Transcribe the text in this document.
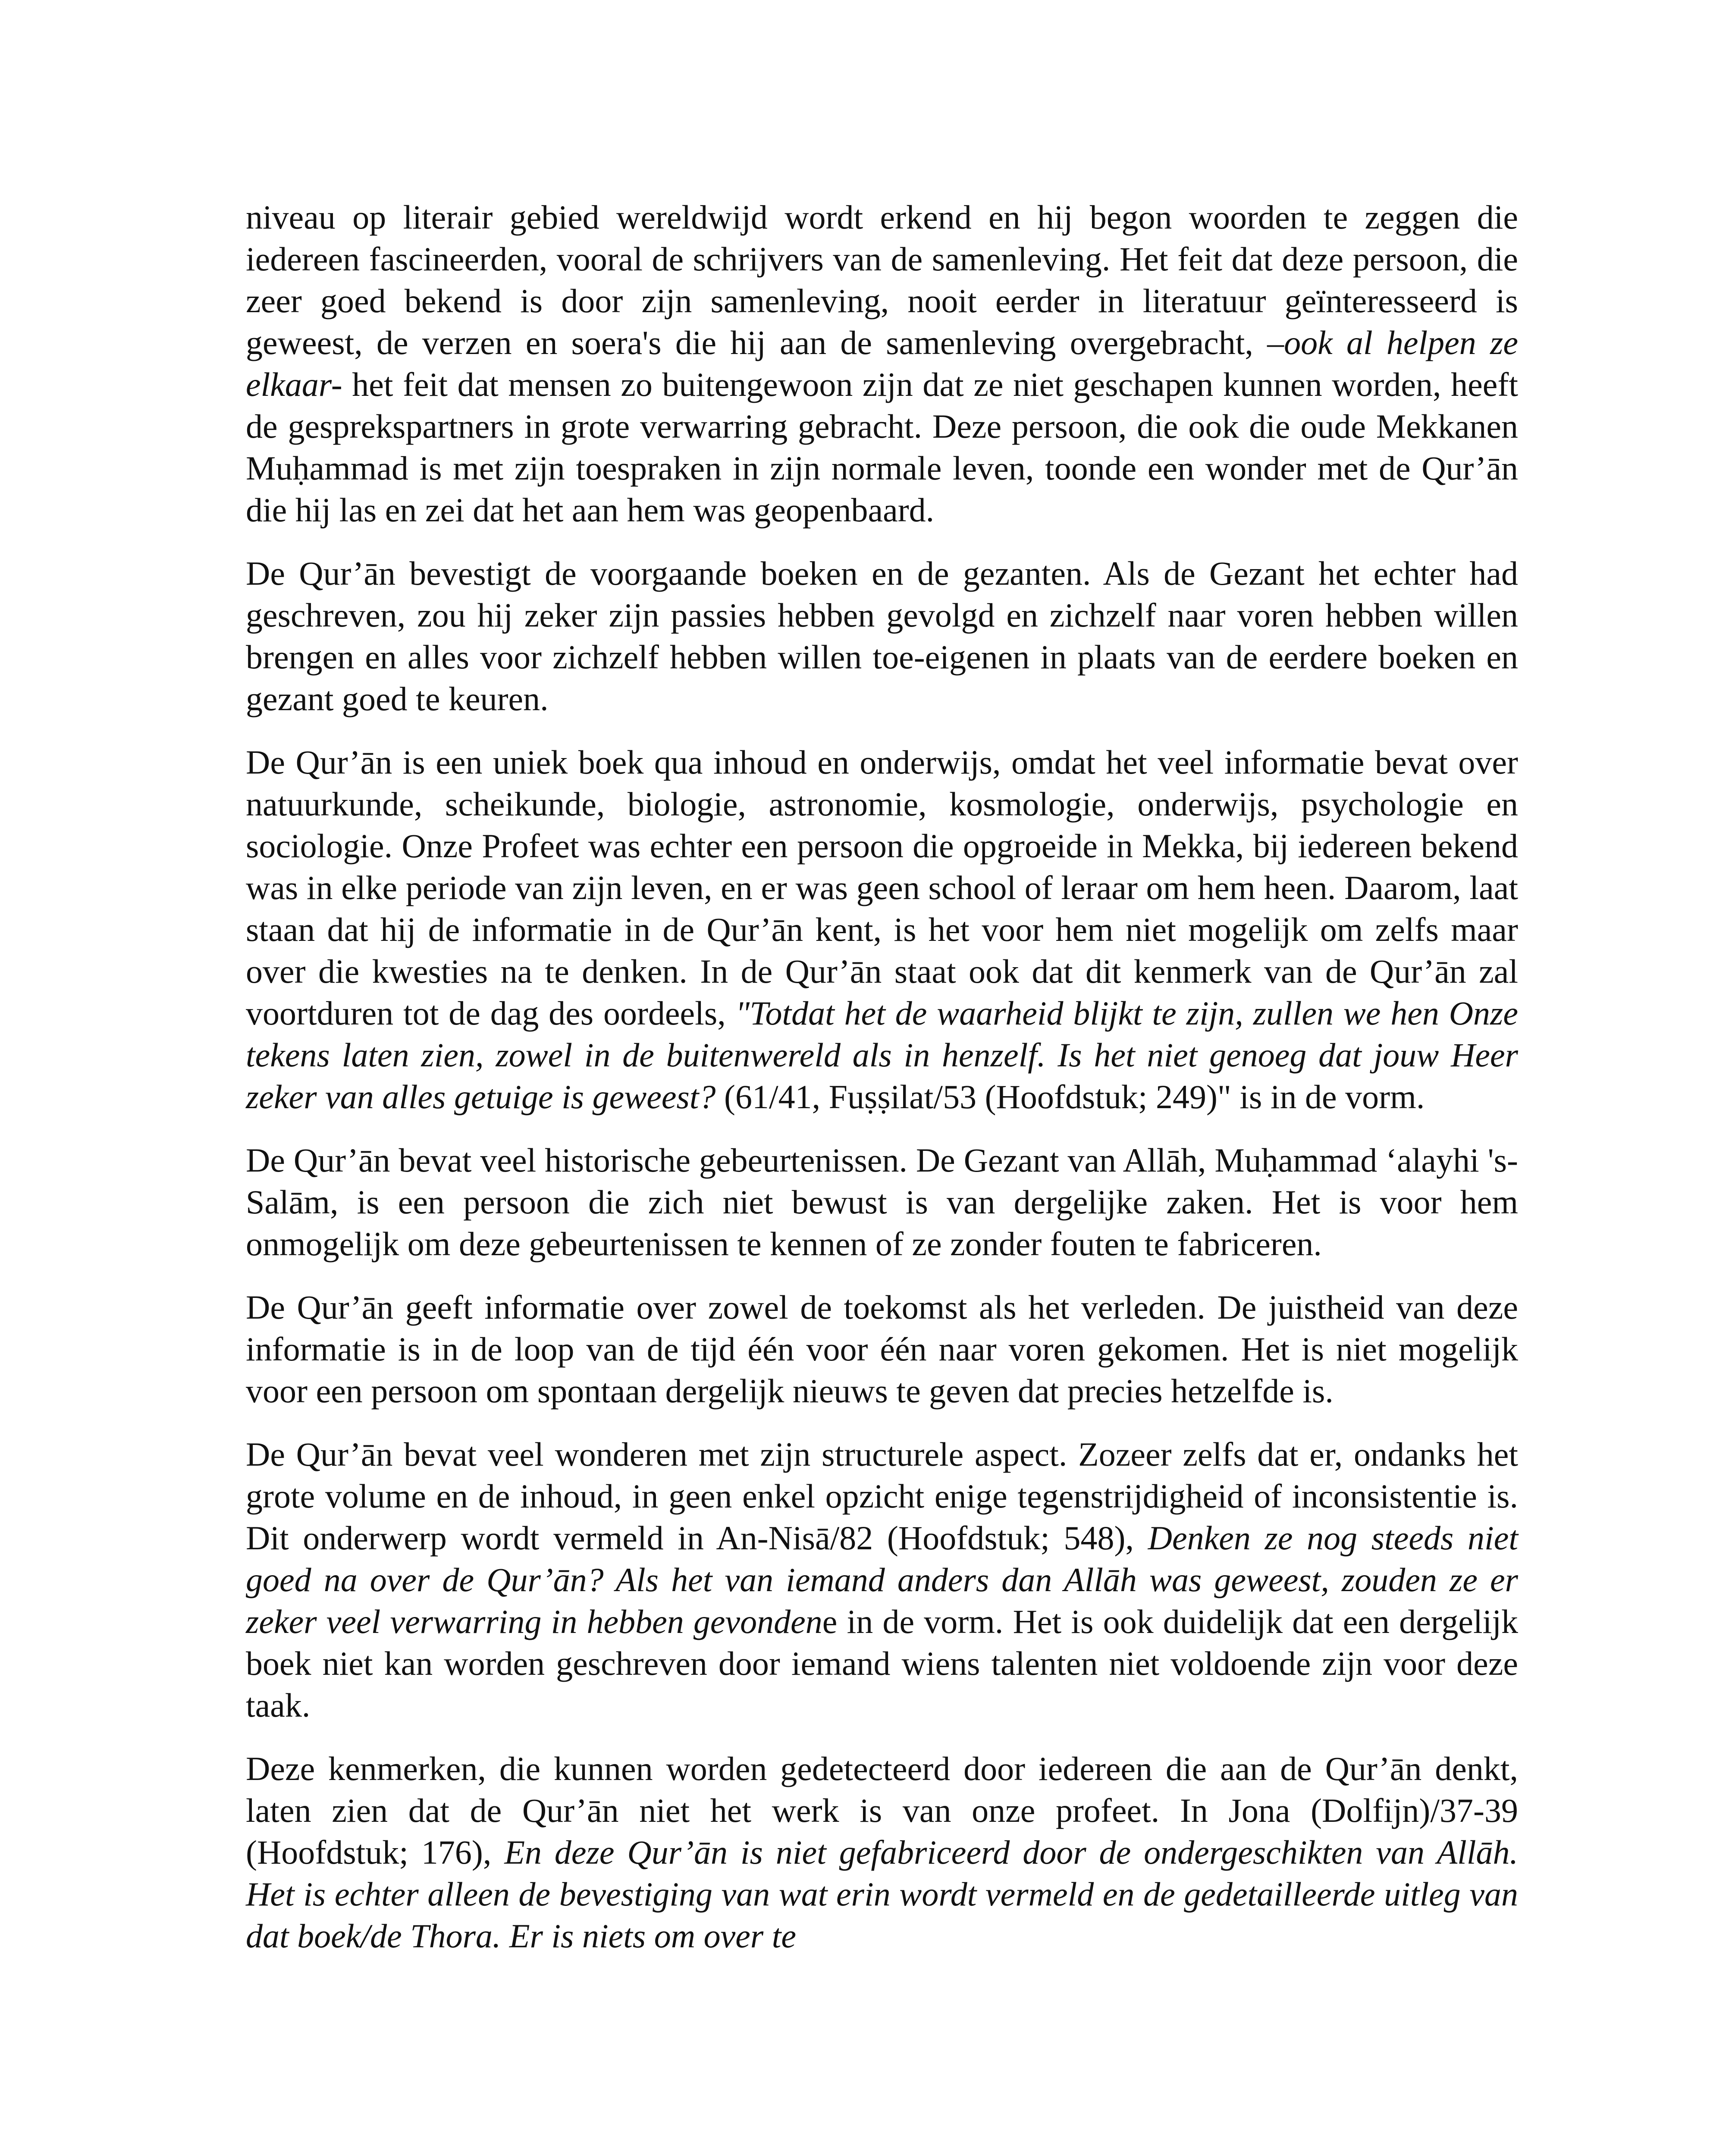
niveau op literair gebied wereldwijd wordt erkend en hij begon woorden te zeggen die iedereen fascineerden, vooral de schrijvers van de samenleving. Het feit dat deze persoon, die zeer goed bekend is door zijn samenleving, nooit eerder in literatuur geïnteresseerd is geweest, de verzen en soera's die hij aan de samenleving overgebracht, –ook al helpen ze elkaar- het feit dat mensen zo buitengewoon zijn dat ze niet geschapen kunnen worden, heeft de gesprekspartners in grote verwarring gebracht. Deze persoon, die ook die oude Mekkanen Muḥammad is met zijn toespraken in zijn normale leven, toonde een wonder met de Qur’ān die hij las en zei dat het aan hem was geopenbaard.

De Qur’ān bevestigt de voorgaande boeken en de gezanten. Als de Gezant het echter had geschreven, zou hij zeker zijn passies hebben gevolgd en zichzelf naar voren hebben willen brengen en alles voor zichzelf hebben willen toe-eigenen in plaats van de eerdere boeken en gezant goed te keuren.

De Qur’ān is een uniek boek qua inhoud en onderwijs, omdat het veel informatie bevat over natuurkunde, scheikunde, biologie, astronomie, kosmologie, onderwijs, psychologie en sociologie. Onze Profeet was echter een persoon die opgroeide in Mekka, bij iedereen bekend was in elke periode van zijn leven, en er was geen school of leraar om hem heen. Daarom, laat staan dat hij de informatie in de Qur’ān kent, is het voor hem niet mogelijk om zelfs maar over die kwesties na te denken. In de Qur’ān staat ook dat dit kenmerk van de Qur’ān zal voortduren tot de dag des oordeels, "Totdat het de waarheid blijkt te zijn, zullen we hen Onze tekens laten zien, zowel in de buitenwereld als in henzelf. Is het niet genoeg dat jouw Heer zeker van alles getuige is geweest? (61/41, Fuṣṣilat/53 (Hoofdstuk; 249)" is in de vorm.

De Qur’ān bevat veel historische gebeurtenissen. De Gezant van Allāh, Muḥammad ‘alayhi 's-Salām, is een persoon die zich niet bewust is van dergelijke zaken. Het is voor hem onmogelijk om deze gebeurtenissen te kennen of ze zonder fouten te fabriceren.

De Qur’ān geeft informatie over zowel de toekomst als het verleden. De juistheid van deze informatie is in de loop van de tijd één voor één naar voren gekomen. Het is niet mogelijk voor een persoon om spontaan dergelijk nieuws te geven dat precies hetzelfde is.

De Qur’ān bevat veel wonderen met zijn structurele aspect. Zozeer zelfs dat er, ondanks het grote volume en de inhoud, in geen enkel opzicht enige tegenstrijdigheid of inconsistentie is. Dit onderwerp wordt vermeld in An-Nisā/82 (Hoofdstuk; 548), Denken ze nog steeds niet goed na over de Qur’ān? Als het van iemand anders dan Allāh was geweest, zouden ze er zeker veel verwarring in hebben gevondene in de vorm. Het is ook duidelijk dat een dergelijk boek niet kan worden geschreven door iemand wiens talenten niet voldoende zijn voor deze taak.

Deze kenmerken, die kunnen worden gedetecteerd door iedereen die aan de Qur’ān denkt, laten zien dat de Qur’ān niet het werk is van onze profeet. In Jona (Dolfijn)/37-39 (Hoofdstuk; 176), En deze Qur’ān is niet gefabriceerd door de ondergeschikten van Allāh. Het is echter alleen de bevestiging van wat erin wordt vermeld en de gedetailleerde uitleg van dat boek/de Thora. Er is niets om over te
